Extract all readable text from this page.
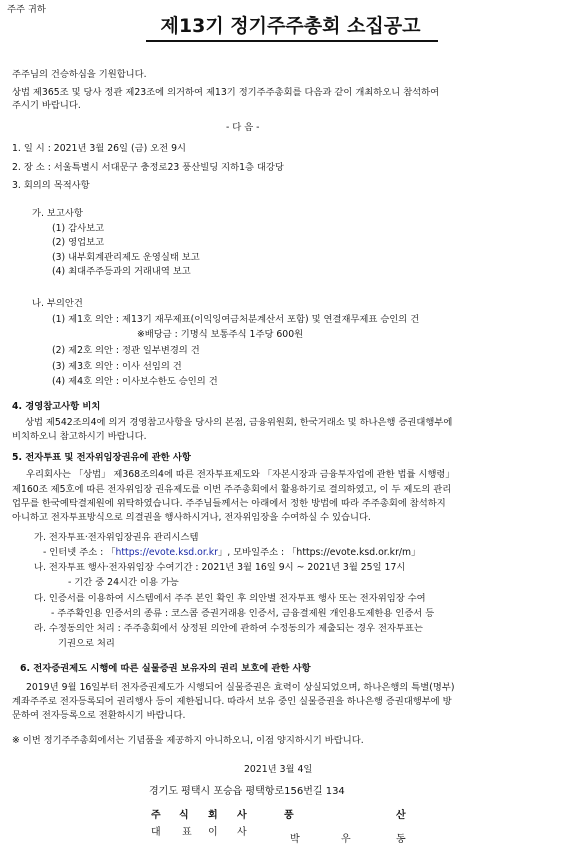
주주 귀하
제13기 정기주주총회 소집공고
주주님의 건승하심을 기원합니다.
상법 제365조 및 당사 정관 제23조에 의거하여 제13기 정기주주총회를 다음과 같이 개최하오니 참석하여
주시기 바랍니다.
- 다 음 -
1. 일 시 : 2021년 3월 26일 (금) 오전 9시
2. 장 소 : 서울특별시 서대문구 충정로23 풍산빌딩 지하1층 대강당
3. 회의의 목적사항
가. 보고사항
(1) 감사보고
(2) 영업보고
(3) 내부회계관리제도 운영실태 보고
(4) 최대주주등과의 거래내역 보고
나. 부의안건
(1) 제1호 의안 : 제13기 재무제표(이익잉여금처분계산서 포함) 및 연결재무제표 승인의 건
※배당금 : 기명식 보통주식 1주당 600원
(2) 제2호 의안 : 정관 일부변경의 건
(3) 제3호 의안 : 이사 선임의 건
(4) 제4호 의안 : 이사보수한도 승인의 건
4. 경영참고사항 비치
상법 제542조의4에 의거 경영참고사항을 당사의 본점, 금융위원회, 한국거래소 및 하나은행 증권대행부에
비치하오니 참고하시기 바랍니다.
5. 전자투표 및 전자위임장권유에 관한 사항
우리회사는 「상법」 제368조의4에 따른 전자투표제도와 「자본시장과 금융투자업에 관한 법률 시행령」
제160조 제5호에 따른 전자위임장 권유제도를 이번 주주총회에서 활용하기로 결의하였고, 이 두 제도의 관리
업무를 한국예탁결제원에 위탁하였습니다. 주주님들께서는 아래에서 정한 방법에 따라 주주총회에 참석하지
아니하고 전자투표방식으로 의결권을 행사하시거나, 전자위임장을 수여하실 수 있습니다.
가. 전자투표·전자위임장권유 관리시스템
- 인터넷 주소 : 「https://evote.ksd.or.kr」, 모바일주소 : 「https://evote.ksd.or.kr/m」
나. 전자투표 행사·전자위임장 수여기간 : 2021년 3월 16일 9시 ~ 2021년 3월 25일 17시
- 기간 중 24시간 이용 가능
다. 인증서를 이용하여 시스템에서 주주 본인 확인 후 의안별 전자투표 행사 또는 전자위임장 수여
- 주주확인용 인증서의 종류 : 코스콤 증권거래용 인증서, 금융결제원 개인용도제한용 인증서 등
라. 수정동의안 처리 : 주주총회에서 상정된 의안에 관하여 수정동의가 제출되는 경우 전자투표는
기권으로 처리
6. 전자증권제도 시행에 따른 실물증권 보유자의 권리 보호에 관한 사항
2019년 9월 16일부터 전자증권제도가 시행되어 실물증권은 효력이 상실되었으며, 하나은행의 특별(명부)
계좌주주로 전자등록되어 권리행사 등이 제한됩니다. 따라서 보유 중인 실물증권을 하나은행 증권대행부에 방
문하여 전자등록으로 전환하시기 바랍니다.
※ 이번 정기주주총회에서는 기념품을 제공하지 아니하오니, 이점 양지하시기 바랍니다.
2021년 3월 4일
경기도 평택시 포승읍 평택항로156번길 134
주 식 회 사	풍	산
대 표 이 사
박	우	동
